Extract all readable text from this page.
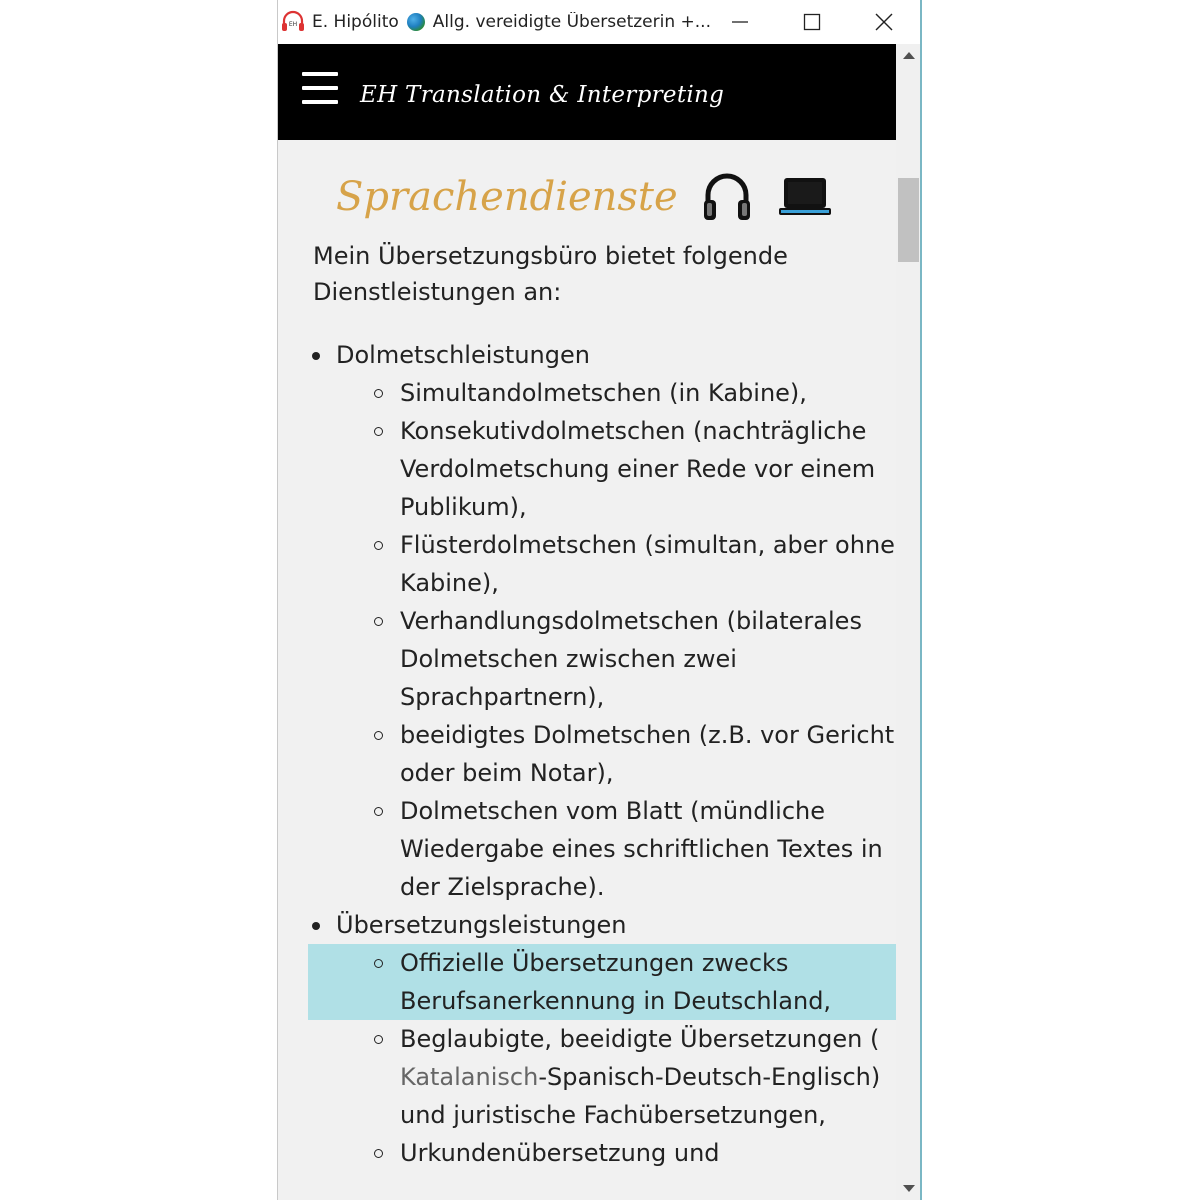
EH E. Hipólito Allg. vereidigte Übersetzerin +...
EH Translation & Interpreting
Sprachendienste
Mein Übersetzungsbüro bietet folgende Dienstleistungen an:
Dolmetschleistungen
Simultandolmetschen (in Kabine),
Konsekutivdolmetschen (nachträgliche Verdolmetschung einer Rede vor einem Publikum),
Flüsterdolmetschen (simultan, aber ohne Kabine),
Verhandlungsdolmetschen (bilaterales Dolmetschen zwischen zwei Sprachpartnern),
beeidigtes Dolmetschen (z.B. vor Gericht oder beim Notar),
Dolmetschen vom Blatt (mündliche Wiedergabe eines schriftlichen Textes in der Zielsprache).
Übersetzungsleistungen
Offizielle Übersetzungen zwecks Berufsanerkennung in Deutschland,
Beglaubigte, beeidigte Übersetzungen ( Katalanisch-Spanisch-Deutsch-Englisch) und juristische Fachübersetzungen,
Urkundenübersetzung und
